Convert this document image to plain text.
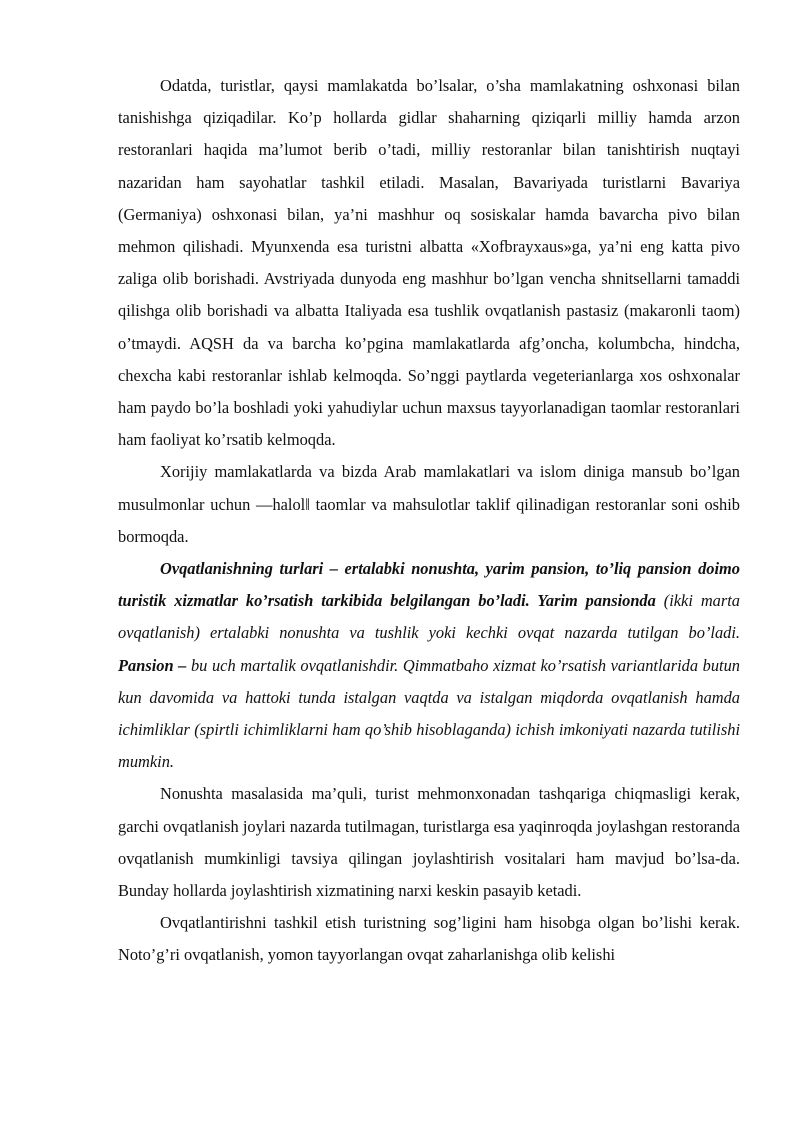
Odatda, turistlar, qaysi mamlakatda bo’lsalar, o’sha mamlakatning oshxonasi bilan tanishishga qiziqadilar. Ko’p hollarda gidlar shaharning qiziqarli milliy hamda arzon restoranlari haqida ma’lumot berib o’tadi, milliy restoranlar bilan tanishtirish nuqtayi nazaridan ham sayohatlar tashkil etiladi. Masalan, Bavariyada turistlarni Bavariya (Germaniya) oshxonasi bilan, ya’ni mashhur oq sosiskalar hamda bavarcha pivo bilan mehmon qilishadi. Myunxenda esa turistni albatta «Xofbrayxaus»ga, ya’ni eng katta pivo zaliga olib borishadi. Avstriyada dunyoda eng mashhur bo’lgan vencha shnitsellarni tamaddi qilishga olib borishadi va albatta Italiyada esa tushlik ovqatlanish pastasiz (makaronli taom) o’tmaydi. AQSH da va barcha ko’pgina mamlakatlarda afg’oncha, kolumbcha, hindcha, chexcha kabi restoranlar ishlab kelmoqda. So’nggi paytlarda vegeterianlarga xos oshxonalar ham paydo bo’la boshladi yoki yahudiylar uchun maxsus tayyorlanadigan taomlar restoranlari ham faoliyat ko’rsatib kelmoqda.

Xorijiy mamlakatlarda va bizda Arab mamlakatlari va islom diniga mansub bo’lgan musulmonlar uchun ―halol‖ taomlar va mahsulotlar taklif qilinadigan restoranlar soni oshib bormoqda.

Ovqatlanishning turlari – ertalabki nonushta, yarim pansion, to’liq pansion doimo turistik xizmatlar ko’rsatish tarkibida belgilangan bo’ladi. Yarim pansionda (ikki marta ovqatlanish) ertalabki nonushta va tushlik yoki kechki ovqat nazarda tutilgan bo’ladi. Pansion – bu uch martalik ovqatlanishdir. Qimmatbaho xizmat ko’rsatish variantlarida butun kun davomida va hattoki tunda istalgan vaqtda va istalgan miqdorda ovqatlanish hamda ichimliklar (spirtli ichimliklarni ham qo’shib hisoblaganda) ichish imkoniyati nazarda tutilishi mumkin.

Nonushta masalasida ma’quli, turist mehmonxonadan tashqariga chiqmasligi kerak, garchi ovqatlanish joylari nazarda tutilmagan, turistlarga esa yaqinroqda joylashgan restoranda ovqatlanish mumkinligi tavsiya qilingan joylashtirish vositalari ham mavjud bo’lsa-da. Bunday hollarda joylashtirish xizmatining narxi keskin pasayib ketadi.

Ovqatlantirishni tashkil etish turistning sog’ligini ham hisobga olgan bo’lishi kerak. Noto’g’ri ovqatlanish, yomon tayyorlangan ovqat zaharlanishga olib kelishi
